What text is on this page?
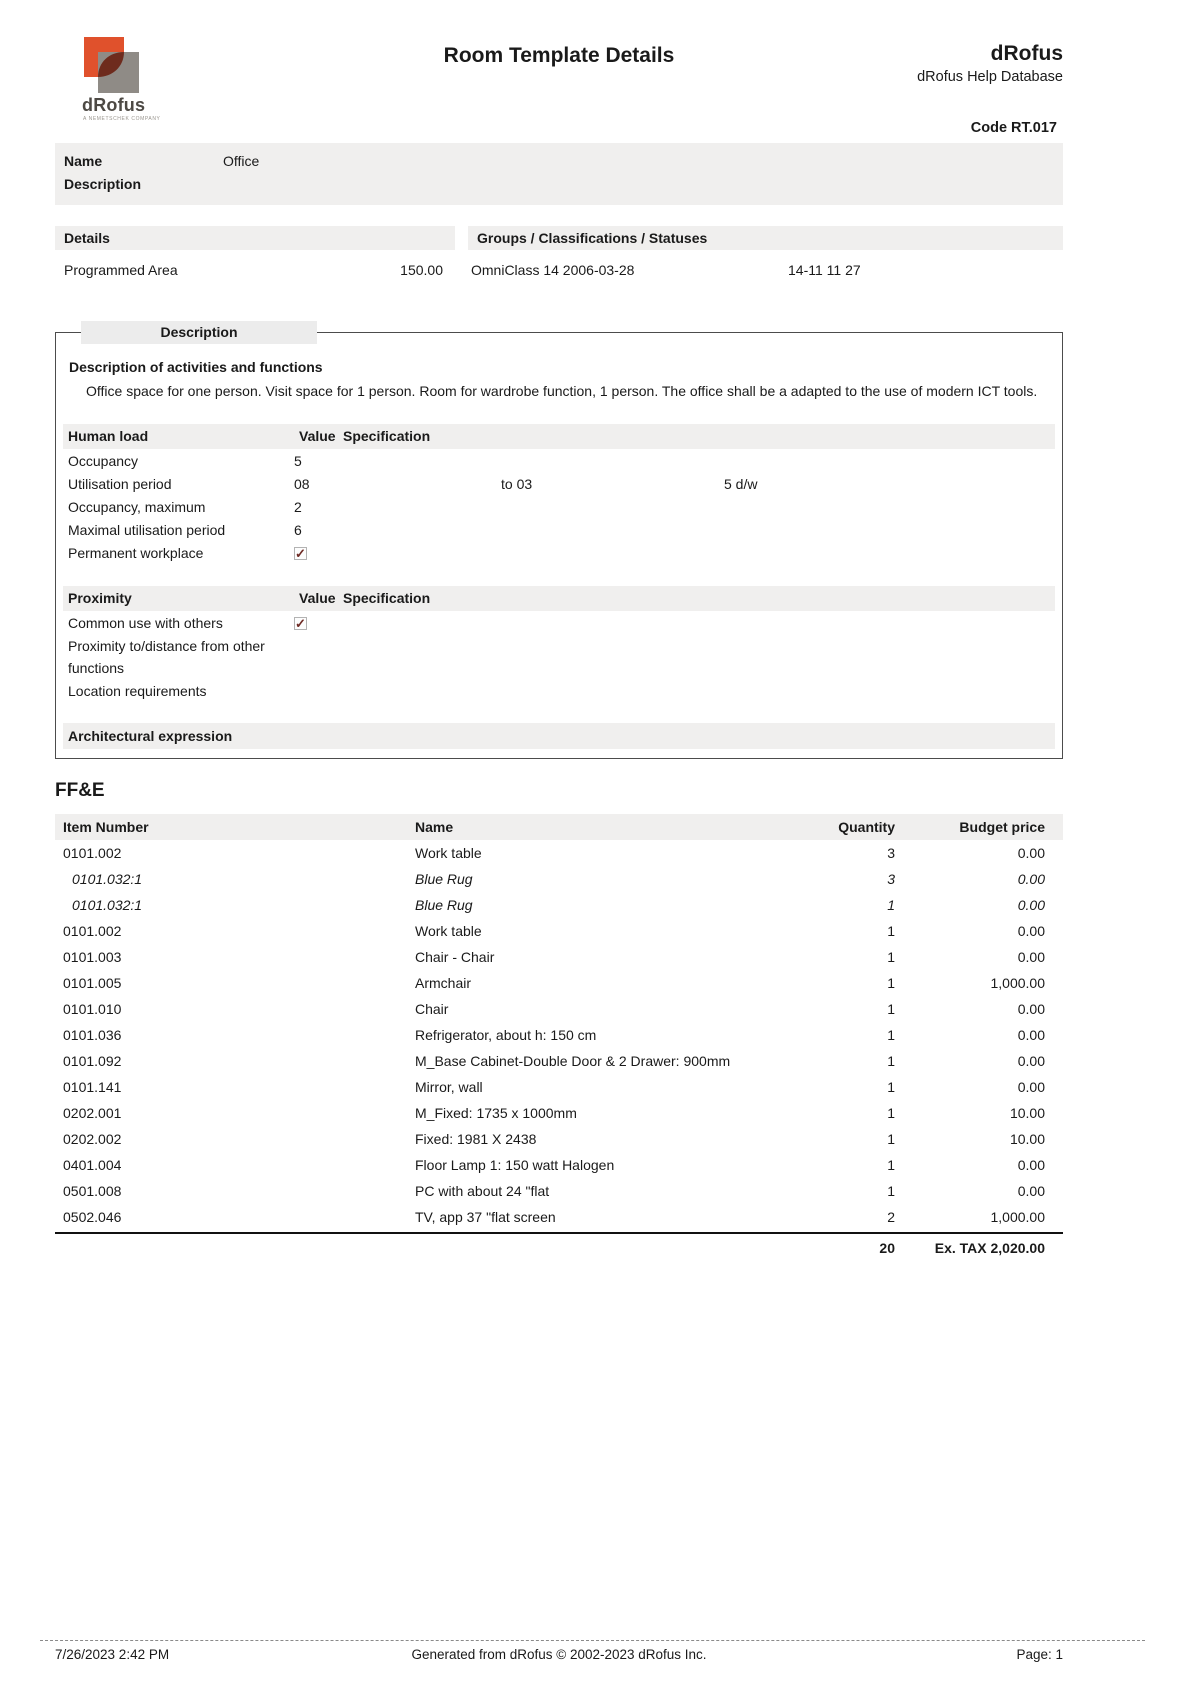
dRofus
A NEMETSCHEK COMPANY
Room Template Details	dRofus
dRofus Help Database
Code RT.017
Name	Office
Description
Details
Programmed Area	150.00
Groups / Classifications / Statuses
OmniClass 14 2006-03-28	14-11 11 27
Description
Description of activities and functions
Office space for one person. Visit space for 1 person. Room for wardrobe function, 1 person. The office shall be a adapted to the use of modern ICT tools.
Human load	Value Specification
Occupancy	5
Utilisation period	08	to 03	5 d/w
Occupancy, maximum	2
Maximal utilisation period	6
Permanent workplace	✓
Proximity	Value Specification
Common use with others	✓
Proximity to/distance from other functions
Location requirements
Architectural expression
FF&E
Item Number	Name	Quantity	Budget price
0101.002	Work table	3	0.00
0101.032:1	Blue Rug	3	0.00
0101.032:1	Blue Rug	1	0.00
0101.002	Work table	1	0.00
0101.003	Chair - Chair	1	0.00
0101.005	Armchair	1	1,000.00
0101.010	Chair	1	0.00
0101.036	Refrigerator, about h: 150 cm	1	0.00
0101.092	M_Base Cabinet-Double Door & 2 Drawer: 900mm	1	0.00
0101.141	Mirror, wall	1	0.00
0202.001	M_Fixed: 1735 x 1000mm	1	10.00
0202.002	Fixed: 1981 X 2438	1	10.00
0401.004	Floor Lamp 1: 150 watt Halogen	1	0.00
0501.008	PC with about 24 "flat	1	0.00
0502.046	TV, app 37 "flat screen	2	1,000.00
20	Ex. TAX 2,020.00
7/26/2023 2:42 PM	Generated from dRofus © 2002-2023 dRofus Inc.	Page: 1
